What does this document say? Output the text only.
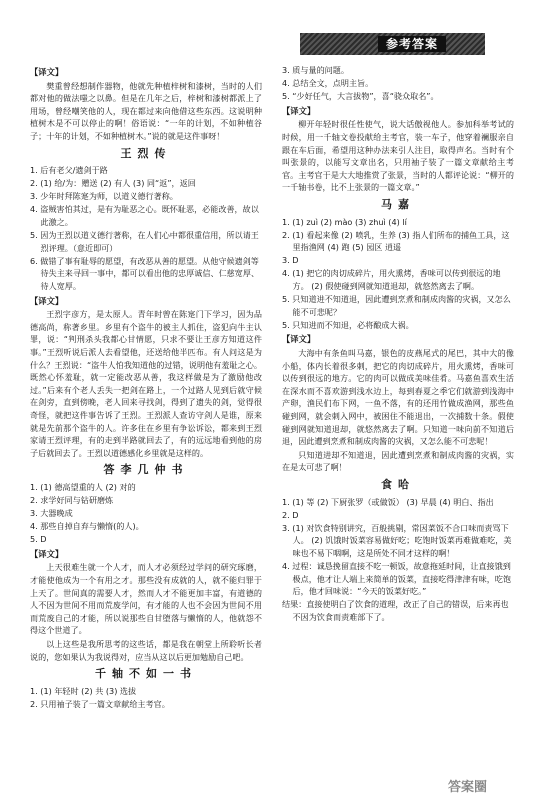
参考答案
【译文】
樊重曾经想制作器物，他就先种植梓树和漆树，当时的人们都对他的做法嗤之以鼻。但是在几年之后，梓树和漆树都派上了用场，曾经嘲笑他的人，现在都过来向他借这些东西。这说明种植树木是不可以停止的啊！俗语说：“一年的计划，不如种植谷子；十年的计划，不如种植树木。”说的就是这件事呀！
王烈传
1. 后有老父/遗剑于路
2. (1) 给/为：赠送 (2) 有人 (3) 同“返”，返回
3. 少年时拜陈寔为师，以道义德行著称。
4. 盗贼害怕其过，是有为耻恶之心。既怀耻恶，必能改善，故以此激之。
5. 因为王烈以道义德行著称，在人们心中都很重信用，所以请王烈评理。（意近即可）
6. 做错了事有耻辱的愿望，有改恶从善的愿望。从他守候遗剑等待失主来寻回一事中，都可以看出他的忠厚诚信、仁慈宽厚、待人宽厚。
【译文】
王烈字彦方，是太原人。青年时曾在陈寔门下学习，因为品德高尚，称著乡里。乡里有个盗牛的被主人抓住，盗犯向牛主认罪，说：“判刑杀头我都心甘情愿，只求不要让王彦方知道这件事。”王烈听说后派人去看望他，还送给他半匹布。有人问这是为什么？王烈说：“盗牛人怕我知道他的过错，说明他有羞耻之心。既然心怀羞耻，就一定能改恶从善，我这样做是为了激励他改过。”后来有个老人丢失一把剑在路上，一个过路人见到后就守候在剑旁，直到傍晚，老人回来寻找剑，得到了遗失的剑，觉得很奇怪，就把这件事告诉了王烈。王烈派人查访守剑人是谁，原来就是先前那个盗牛的人。许多住在乡里有争讼诉讼，都来到王烈家请王烈评理，有的走到半路就回去了，有的远远地看到他的房子后就回去了。王烈以道德感化乡里就是这样的。
答李几仲书
1. (1) 德高望重的人 (2) 对的
2. 求学好同与钻研磨炼
3. 大器晚成
4. 那些自掉自弃与懒惰(的人)。
5. D
【译文】
上天很难生就一个人才，而人才必须经过学问的研究琢磨，才能使他成为一个有用之才。那些没有成就的人，就不能归罪于上天了。世间真的需要人才，然而人才不能更加丰富，有道德的人不因为世间不用而荒废学问，有才能的人也不会因为世间不用而荒废自己的才能，所以说那些自甘堕落与懒惰的人，他就怨不得这个世道了。
以上这些是我所思考的这些话，都是我在朝堂上所聆听长者说的，您如果认为我说得对，应当从这以后更加勉励自己吧。
千轴不如一书
1. (1) 年轻时 (2) 共 (3) 选拔
2. 只用袖子装了一篇文章献给主考官。
3. 质与量的问题。
4. 总结全文，点明主旨。
5. “少好任气，大言拔物”，喜“骁众取名”。
【译文】
柳开年轻时很任性使气，说大话傲视他人。参加科举考试的时候，用一千轴文卷投献给主考官，装一车子，他穿着襕服亲自跟在车后面，希望用这种办法来引人注目，取得声名。当时有个叫张景的，以能写文章出名，只用袖子装了一篇文章献给主考官。主考官于是大大地推赏了张景，当时的人都评论说：“柳开的一千轴书卷，比不上张景的一篇文章。”
马嘉
1. (1) zuì (2) mào (3) zhuì (4) lí
2. (1) 看起来像 (2) 喷乳，生养 (3) 指人们所布的捕鱼工具，这里指渔网 (4) 跑 (5) 园区 逍遥
3. D
4. (1) 把它的肉切成碎片，用火熏烤，香味可以传到很远的地方。 (2) 假使碰到网就知道退却，就悠然离去了啊。
5. 只知道进不知道退，因此遭到烹煮和制成肉酱的灾祸，又怎么能不可悲呢？
5. 只知进而不知退，必将酿成大祸。
【译文】
大海中有条鱼叫马嘉，银色的皮燕尾式的尾巴，其中大的像小船，体内长着很多刺，把它的肉切成碎片，用火熏烤，香味可以传到很远的地方。它的肉可以做成美味佳肴。马嘉鱼喜欢生活在深水而不喜欢游到浅水边上，每到春夏之季它们就游到浅海中产卵，渔民们布下网，一鱼不落，有的还用竹做成渔网，那些鱼碰到网，就会刺入网中，被困住不能退出，一次捕数十条。假使碰到网就知道退却，就悠然离去了啊。只知道一味向前不知道后退，因此遭到烹煮和制成肉酱的灾祸，又怎么能不可悲呢！
只知道进却不知道退，因此遭到烹煮和制成肉酱的灾祸，实在是太可悲了啊！
食哈
1. (1) 等 (2) 下厨张罗（或做饭） (3) 早晨 (4) 明白、指出
2. D
3. (1) 对饮食特别讲究，百般挑剔，常因菜饭不合口味而责骂下人。 (2) 饥饿时饭菜容易做好吃；吃饱时饭菜再难做难吃，美味也不易下咽啊，这是所处不同才这样的啊！
4. 过程：诚恳挽留直接不吃一顿饭，故意拖延时间，让直接饿到极点，他才让人端上来简单的饭菜，直接吃得津津有味，吃饱后，他才回味说：“今天的饭菜好吃。”
结果：直接使明白了饮食的道理，改正了自己的错误，后来再也不因为饮食而责难部下了。
答案圈
